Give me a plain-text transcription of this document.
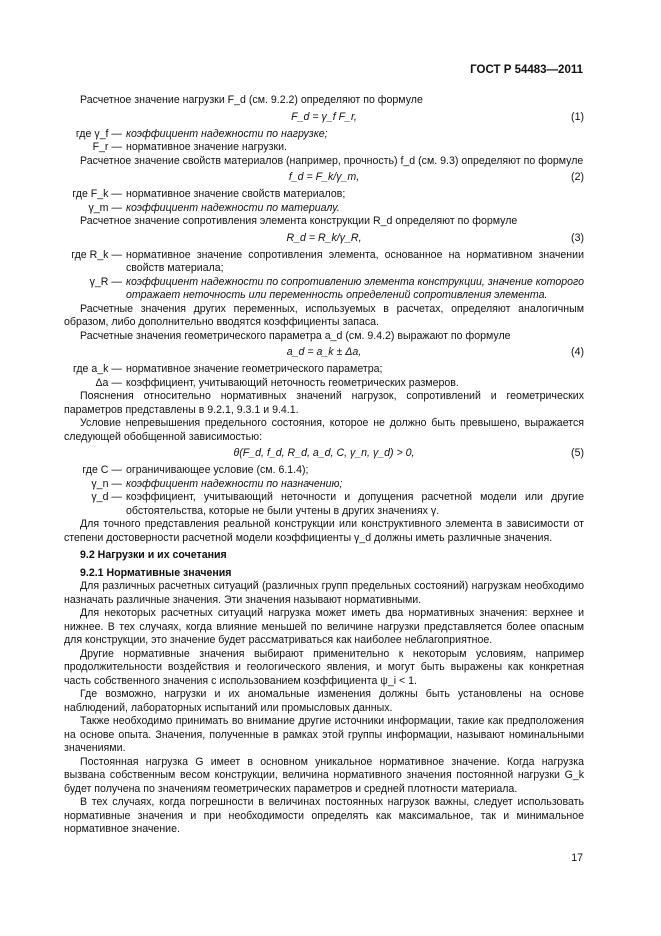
ГОСТ Р 54483—2011

Расчетное значение нагрузки F_d (см. 9.2.2) определяют по формуле

F_d = γ_f F_r,	(1)
где γ_f — коэффициент надежности по нагрузке;
F_r — нормативное значение нагрузки.

Расчетное значение свойств материалов (например, прочность) f_d (см. 9.3) определяют по формуле

f_d = F_k/γ_m,	(2)
где F_k — нормативное значение свойств материалов;
γ_m — коэффициент надежности по материалу.

Расчетное значение сопротивления элемента конструкции R_d определяют по формуле

R_d = R_k/γ_R,	(3)
где R_k — нормативное значение сопротивления элемента, основанное на нормативном значении свойств материала;
γ_R — коэффициент надежности по сопротивлению элемента конструкции, значение которого отражает неточность или переменность определений сопротивления элемента.

Расчетные значения других переменных, используемых в расчетах, определяют аналогичным образом, либо дополнительно вводятся коэффициенты запаса.

Расчетные значения геометрического параметра a_d (см. 9.4.2) выражают по формуле

a_d = a_k ± Δa,	(4)
где a_k — нормативное значение геометрического параметра;
Δa — коэффициент, учитывающий неточность геометрических размеров.

Пояснения относительно нормативных значений нагрузок, сопротивлений и геометрических параметров представлены в 9.2.1, 9.3.1 и 9.4.1.

Условие непревышения предельного состояния, которое не должно быть превышено, выражается следующей обобщенной зависимостью:

θ(F_d, f_d, R_d, a_d, C, γ_n, γ_d) > 0,	(5)
где C — ограничивающее условие (см. 6.1.4);
γ_n — коэффициент надежности по назначению;
γ_d — коэффициент, учитывающий неточности и допущения расчетной модели или другие обстоятельства, которые не были учтены в других значениях γ.

Для точного представления реальной конструкции или конструктивного элемента в зависимости от степени достоверности расчетной модели коэффициенты γ_d должны иметь различные значения.

9.2 Нагрузки и их сочетания

9.2.1 Нормативные значения

Для различных расчетных ситуаций (различных групп предельных состояний) нагрузкам необходимо назначать различные значения. Эти значения называют нормативными.

Для некоторых расчетных ситуаций нагрузка может иметь два нормативных значения: верхнее и нижнее. В тех случаях, когда влияние меньшей по величине нагрузки представляется более опасным для конструкции, это значение будет рассматриваться как наиболее неблагоприятное.

Другие нормативные значения выбирают применительно к некоторым условиям, например продолжительности воздействия и геологического явления, и могут быть выражены как конкретная часть собственного значения с использованием коэффициента ψ_i < 1.

Где возможно, нагрузки и их аномальные изменения должны быть установлены на основе наблюдений, лабораторных испытаний или промысловых данных.

Также необходимо принимать во внимание другие источники информации, такие как предположения на основе опыта. Значения, полученные в рамках этой группы информации, называют номинальными значениями.

Постоянная нагрузка G имеет в основном уникальное нормативное значение. Когда нагрузка вызвана собственным весом конструкции, величина нормативного значения постоянной нагрузки G_k будет получена по значениям геометрических параметров и средней плотности материала.

В тех случаях, когда погрешности в величинах постоянных нагрузок важны, следует использовать нормативные значения и при необходимости определять как максимальное, так и минимальное нормативное значение.

17
